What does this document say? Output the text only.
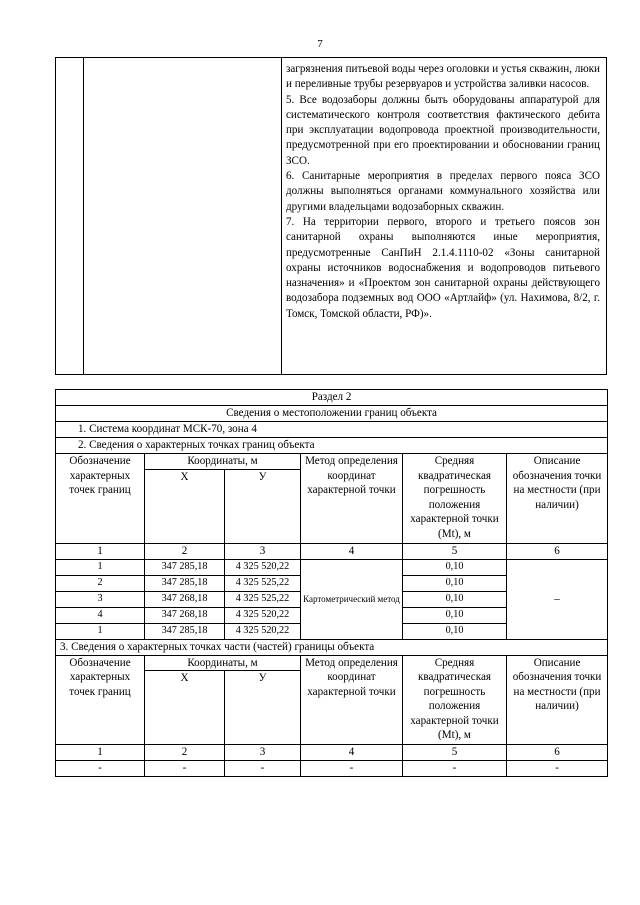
7

загрязнения питьевой воды через оголовки и устья скважин, люки и переливные трубы резервуаров и устройства заливки насосов.

5. Все водозаборы должны быть оборудованы аппаратурой для систематического контроля соответствия фактического дебита при эксплуатации водопровода проектной производительности, предусмотренной при его проектировании и обосновании границ ЗСО.

6. Санитарные мероприятия в пределах первого пояса ЗСО должны выполняться органами коммунального хозяйства или другими владельцами водозаборных скважин.

7. На территории первого, второго и третьего поясов зон санитарной охраны выполняются иные мероприятия, предусмотренные СанПиН 2.1.4.1110-02 «Зоны санитарной охраны источников водоснабжения и водопроводов питьевого назначения» и «Проектом зон санитарной охраны действующего водозабора подземных вод ООО «Артлайф» (ул. Нахимова, 8/2, г. Томск, Томской области, РФ)».

Раздел 2					
Сведения о местоположении границ объекта					
1. Система координат МСК-70, зона 4					
2. Сведения о характерных точках границ объекта					
Обозначение характерных точек границ	Координаты, м		Метод определения координат характерной точки	Средняя квадратическая погрешность положения характерной точки (Mt), м	Описание обозначения точки на местности (при наличии)
	Х	У			
1	2	3	4	5	6
1	347 285,18	4 325 520,22	Картометрический метод	0,10	–
2	347 285,18	4 325 525,22		0,10	
3	347 268,18	4 325 525,22		0,10	
4	347 268,18	4 325 520,22		0,10	
1	347 285,18	4 325 520,22		0,10	
3. Сведения о характерных точках части (частей) границы объекта					
Обозначение характерных точек границ	Координаты, м		Метод определения координат характерной точки	Средняя квадратическая погрешность положения характерной точки (Mt), м	Описание обозначения точки на местности (при наличии)
	Х	У			
1	2	3	4	5	6
-	-	-	-	-	-
